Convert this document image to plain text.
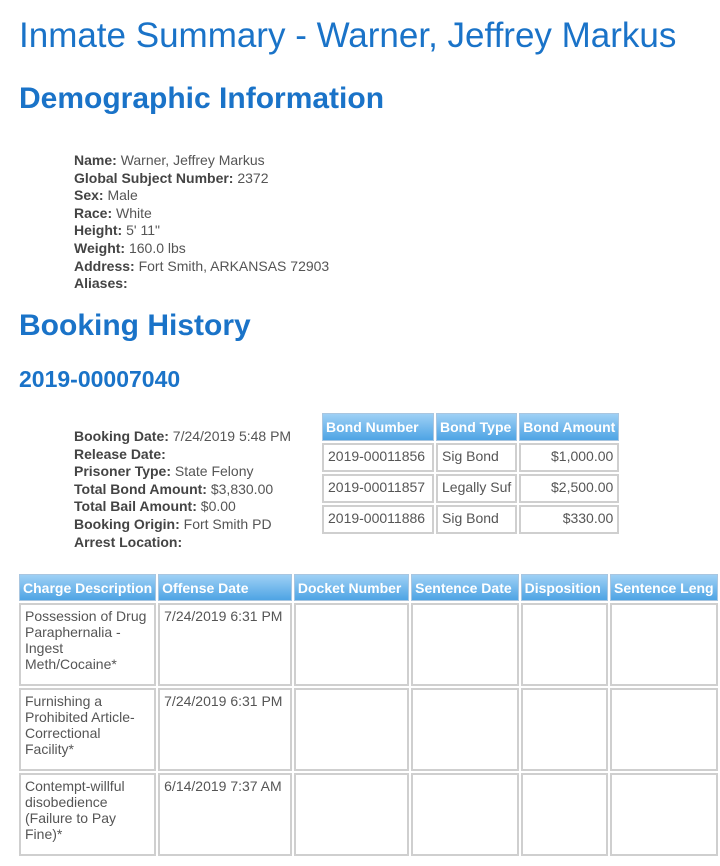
Inmate Summary - Warner, Jeffrey Markus
Demographic Information
Name: Warner, Jeffrey Markus
Global Subject Number: 2372
Sex: Male
Race: White
Height: 5' 11"
Weight: 160.0 lbs
Address: Fort Smith, ARKANSAS 72903
Aliases:
Booking History
2019-00007040
Booking Date: 7/24/2019 5:48 PM
Release Date:
Prisoner Type: State Felony
Total Bond Amount: $3,830.00
Total Bail Amount: $0.00
Booking Origin: Fort Smith PD
Arrest Location:
Bond Number	Bond Type	Bond Amount
2019-00011856	Sig Bond	$1,000.00
2019-00011857	Legally Suf	$2,500.00
2019-00011886	Sig Bond	$330.00
Charge Description	Offense Date	Docket Number	Sentence Date	Disposition	Sentence Leng
Possession of Drug Paraphernalia - Ingest Meth/Cocaine*	7/24/2019 6:31 PM				
Furnishing a Prohibited Article- Correctional Facility*	7/24/2019 6:31 PM				
Contempt-willful disobedience (Failure to Pay Fine)*	6/14/2019 7:37 AM				
